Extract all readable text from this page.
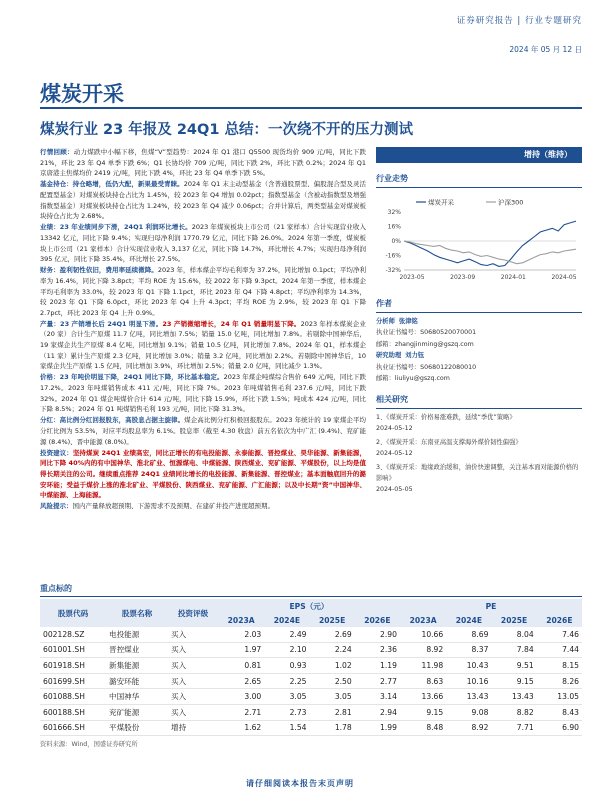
证券研究报告 | 行业专题研究
2024 年 05 月 12 日
煤炭开采
煤炭行业 23 年报及 24Q1 总结：一次绕不开的压力测试

行情回顾：动力煤跌中小幅下移，焦煤“V”型趋势：2024 年 Q1 港口 Q5500 现货均价 909 元/吨，同比下跌 21%，环比 23 年 Q4 单季下跌 6%；Q1 长协均价 709 元/吨，同比下跌 2%，环比下跌 0.2%；2024 年 Q1 京唐港主焦煤均价 2419 元/吨，同比下跌 4%，环比 23 年 Q4 单季下跌 5%。

基金持仓：持仓略增，低仍大配，新果最受青睐。2024 年 Q1 末主动型基金（含普通股票型、偏股混合型及灵活配置型基金）对煤炭板块持仓占比为 1.45%，较 2023 年 Q4 增加 0.02pct；指数型基金（含被动指数型及增强指数型基金）对煤炭板块持仓占比为 1.24%，较 2023 年 Q4 减少 0.06pct；合并计算后，两类型基金对煤炭板块持仓占比为 2.68%。

业绩：23 年业绩同步下滑，24Q1 利润环比增长。2023 年煤炭板块上市公司（21 家样本）合计实现营业收入 13342 亿元，同比下降 9.4%；实现归母净利润 1770.79 亿元，同比下降 26.0%。2024 年第一季度，煤炭板块上市公司（21 家样本）合计实现营业收入 3,137 亿元，同比下降 14.7%，环比增长 4.7%；实现归母净利润 395 亿元，同比下降 35.4%，环比增长 27.5%。

财务：盈利韧性依旧，费用率延续微降。2023 年，样本煤企平均毛利率为 37.2%，同比增加 0.1pct；平均净利率为 16.4%，同比下降 3.8pct；平均 ROE 为 15.6%，较 2022 年下降 9.3pct。2024 年第一季度，样本煤企平均毛利率为 33.0%，较 2023 年 Q1 下降 1.1pct，环比 2023 年 Q4 下降 4.8pct；平均净利率为 14.3%，较 2023 年 Q1 下降 6.0pct，环比 2023 年 Q4 上升 4.3pct；平均 ROE 为 2.9%，较 2023 年 Q1 下降 2.7pct，环比 2023 年 Q4 上升 0.9%。

产量：23 产销增长后 24Q1 明显下滑。23 产销微缩增长，24 年 Q1 销量明显下降。2023 年样本煤炭企业（20 家）合计生产原煤 11.7 亿吨，同比增加 7.5%；销量 15.0 亿吨，同比增加 7.8%。若剔除中国神华后，19 家煤企共生产原煤 8.4 亿吨，同比增加 9.1%；销量 10.5 亿吨，同比增加 7.8%。2024 年 Q1，样本煤企（11 家）累计生产原煤 2.3 亿吨，同比增加 3.0%；销量 3.2 亿吨，同比增加 2.2%。若剔除中国神华后，10 家煤企共生产原煤 1.5 亿吨，同比增加 3.9%，环比增加 2.5%；销量 2.0 亿吨，同比减少 1.3%。

价格：23 年吨价明显下降，24Q1 同比下降，环比基本稳定。2023 年煤企吨煤综合售价 649 元/吨，同比下跌 17.2%。2023 年吨煤销售成本 411 元/吨，同比下降 7%。2023 年吨煤销售毛利 237.6 元/吨，同比下跌 32%。2024 年 Q1 煤企吨煤价合计 614 元/吨，同比下降 15.9%，环比下跌 1.5%；吨成本 424 元/吨，同比下降 8.5%；2024 年 Q1 吨煤销售毛利 193 元/吨，同比下降 31.3%。

分红：高比例分红回报股东，高股息占据主旋律。煤企高比例分红积极回报股东。2023 年统计的 19 家煤企平均分红比例为 53.5%，对应平均股息率为 6.1%。股息率（截至 4.30 收盘）前五名依次为中广汇 (9.4%)、兖矿能源 (8.4%)、晋中能源 (8.0%)。

投资建议：坚持煤炭 24Q1 业绩高宏，同比正增长的有电投能源、永泰能源、晋控煤业、昊华能源、新集能源，同比下降 40%内的有中国神华、淮北矿业、恒源煤电、中煤能源、陕西煤业、兖矿能源、平煤股份，以上均是值得长期关注的公司。继续重点推荐 24Q1 业绩同比增长的电投能源、新集能源、晋控煤业；基本面触底回升的潞安环能；受益于煤价上涨的淮北矿业、平煤股份、陕西煤业、兖矿能源、广汇能源；以及中长期“资”中国神华、中煤能源、上海能源。

风险提示：国内产量释放超预期、下游需求不及预期、在建矿井投产进度超预期。

增持（维持）
行业走势
煤炭开采	沪深300
32%
16%
0%
-16%
-32%
2023-05	2023-09	2024-01	2024-05
作者
分析师 张津铭
执业证书编号：S0680520070001
邮箱：zhangjinming@gszq.com
研究助理 刘力钰
执业证书编号：S0680122080010
邮箱：liuliyu@gszq.com
相关研究
1、《煤炭开采：价格易涨难跌，延续“季优”策略》
2024-05-12
2、《煤炭开采：东南亚高温支撑海外煤价韧性偏强》
2024-05-12
3、《煤炭开采：地缘政治缓和，油价快速调整，关注基本面对能源价格的影响》
2024-05-05
重点标的
股票代码	股票名称	投资评级	EPS（元）				PE			
			2023A	2024E	2025E	2026E	2023A	2024E	2025E	2026E
002128.SZ	电投能源	买入	2.03	2.49	2.69	2.90	10.66	8.69	8.04	7.46
601001.SH	晋控煤业	买入	1.97	2.10	2.24	2.36	8.92	8.37	7.84	7.44
601918.SH	新集能源	买入	0.81	0.93	1.02	1.19	11.98	10.43	9.51	8.15
601699.SH	潞安环能	买入	2.65	2.25	2.50	2.77	8.63	10.16	9.15	8.26
601088.SH	中国神华	买入	3.00	3.05	3.05	3.14	13.66	13.43	13.43	13.05
600188.SH	兖矿能源	买入	2.71	2.73	2.81	2.94	9.15	9.08	8.82	8.43
601666.SH	平煤股份	增持	1.62	1.54	1.78	1.99	8.48	8.92	7.71	6.90
资料来源：Wind，国盛证券研究所
请仔细阅读本报告末页声明
